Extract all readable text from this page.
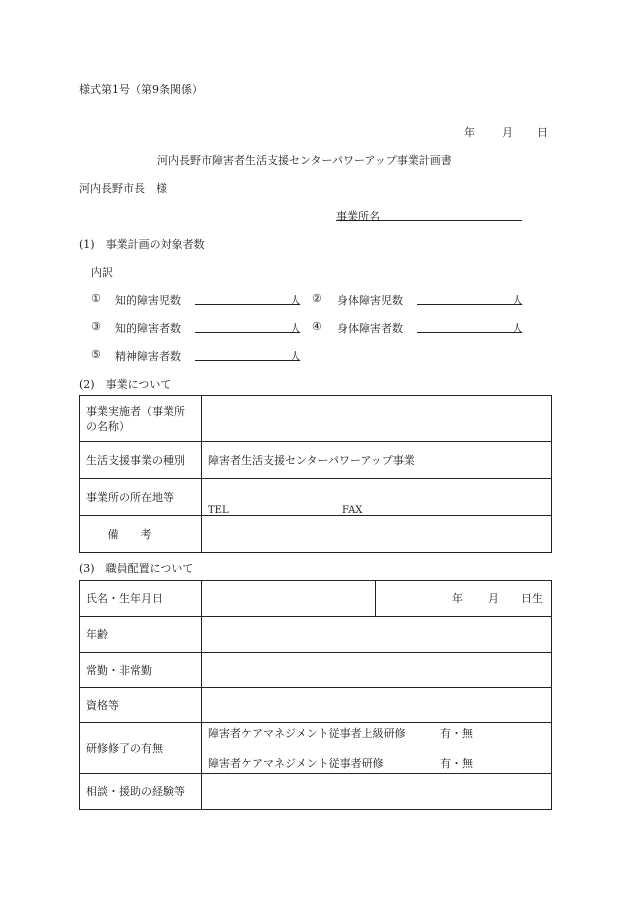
様式第1号（第9条関係）
年 月 日
河内長野市障害者生活支援センターパワーアップ事業計画書
河内長野市長　様
事業所名
(1)　事業計画の対象者数
内訳
① 知的障害児数	人 ② 身体障害児数	人
③ 知的障害者数	人 ④ 身体障害者数	人
⑤ 精神障害者数	人
(2)　事業について
事業実施者（事業所の名称）	
生活支援事業の種別	障害者生活支援センターパワーアップ事業
事業所の所在地等	TEL FAX

備考	
(3)　職員配置について
氏名・生年月日		年 月 日生

年齢		
常勤・非常勤		
資格等		
研修修了の有無	障害者ケアマネジメント従事者上級研修 有・無
障害者ケアマネジメント従事者研修 有・無	

相談・援助の経験等		
